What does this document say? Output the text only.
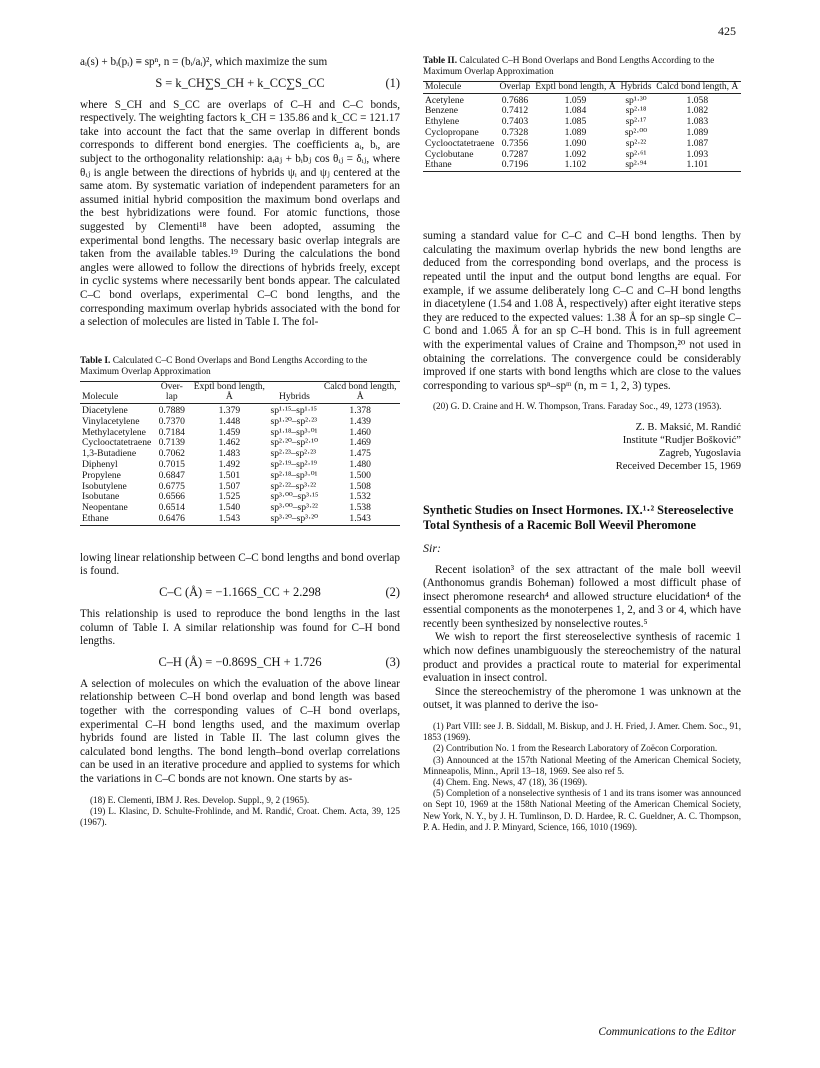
425

aᵢ(s) + bᵢ(pᵢ) ≡ spⁿ, n = (bᵢ/aᵢ)², which maximize the sum

S = k_CH∑S_CH + k_CC∑S_CC	(1)

where S_CH and S_CC are overlaps of C–H and C–C bonds, respectively. The weighting factors k_CH = 135.86 and k_CC = 121.17 take into account the fact that the same overlap in different bonds corresponds to different bond energies. The coefficients aᵢ, bᵢ, are subject to the orthogonality relationship: aᵢaⱼ + bᵢbⱼ cos θᵢⱼ = δᵢⱼ, where θᵢⱼ is angle between the directions of hybrids ψᵢ and ψⱼ centered at the same atom. By systematic variation of independent parameters for an assumed initial hybrid composition the maximum bond overlaps and the best hybridizations were found. For atomic functions, those suggested by Clementi¹⁸ have been adopted, assuming the experimental bond lengths. The necessary basic overlap integrals are taken from the available tables.¹⁹ During the calculations the bond angles were allowed to follow the directions of hybrids freely, except in cyclic systems where necessarily bent bonds appear. The calculated C–C bond overlaps, experimental C–C bond lengths, and the corresponding maximum overlap hybrids associated with the bond for a selection of molecules are listed in Table I. The fol-

Table I. Calculated C–C Bond Overlaps and Bond Lengths According to the Maximum Overlap Approximation

Molecule	Over-lap	Exptl bond length, Å	Hybrids	Calcd bond length, Å
Diacetylene	0.7889	1.379	sp¹·¹⁵–sp¹·¹⁵	1.378
Vinylacetylene	0.7370	1.448	sp¹·²⁰–sp²·²³	1.439
Methylacetylene	0.7184	1.459	sp¹·¹⁸–sp³·⁰¹	1.460
Cyclooctatetraene	0.7139	1.462	sp²·²⁰–sp²·¹⁰	1.469
1,3-Butadiene	0.7062	1.483	sp²·²³–sp²·²³	1.475
Diphenyl	0.7015	1.492	sp²·¹⁹–sp²·¹⁹	1.480
Propylene	0.6847	1.501	sp²·¹⁸–sp³·⁰¹	1.500
Isobutylene	0.6775	1.507	sp²·²²–sp³·²²	1.508
Isobutane	0.6566	1.525	sp³·⁰⁰–sp³·¹⁵	1.532
Neopentane	0.6514	1.540	sp³·⁰⁰–sp³·²²	1.538
Ethane	0.6476	1.543	sp³·²⁰–sp³·²⁰	1.543

lowing linear relationship between C–C bond lengths and bond overlap is found.

C–C (Å) = −1.166S_CC + 2.298	(2)

This relationship is used to reproduce the bond lengths in the last column of Table I. A similar relationship was found for C–H bond lengths.

C–H (Å) = −0.869S_CH + 1.726	(3)

A selection of molecules on which the evaluation of the above linear relationship between C–H bond overlap and bond length was based together with the corresponding values of C–H bond overlaps, experimental C–H bond lengths used, and the maximum overlap hybrids found are listed in Table II. The last column gives the calculated bond lengths. The bond length–bond overlap correlations can be used in an iterative procedure and applied to systems for which the variations in C–C bonds are not known. One starts by as-

(18) E. Clementi, IBM J. Res. Develop. Suppl., 9, 2 (1965).

(19) L. Klasinc, D. Schulte-Frohlinde, and M. Randić, Croat. Chem. Acta, 39, 125 (1967).

Table II. Calculated C–H Bond Overlaps and Bond Lengths According to the Maximum Overlap Approximation

Molecule	Overlap	Exptl bond length, Å	Hybrids	Calcd bond length, Å
Acetylene	0.7686	1.059	sp¹·³⁰	1.058
Benzene	0.7412	1.084	sp²·¹⁸	1.082
Ethylene	0.7403	1.085	sp²·¹⁷	1.083
Cyclopropane	0.7328	1.089	sp²·⁰⁰	1.089
Cyclooctatetraene	0.7356	1.090	sp²·²²	1.087
Cyclobutane	0.7287	1.092	sp²·⁶¹	1.093
Ethane	0.7196	1.102	sp²·⁹⁴	1.101

suming a standard value for C–C and C–H bond lengths. Then by calculating the maximum overlap hybrids the new bond lengths are deduced from the corresponding bond overlaps, and the process is repeated until the input and the output bond lengths are equal. For example, if we assume deliberately long C–C and C–H bond lengths in diacetylene (1.54 and 1.08 Å, respectively) after eight iterative steps they are reduced to the expected values: 1.38 Å for an sp–sp single C–C bond and 1.065 Å for an sp C–H bond. This is in full agreement with the experimental values of Craine and Thompson,²⁰ not used in obtaining the correlations. The convergence could be considerably improved if one starts with bond lengths which are close to the values corresponding to various spⁿ–spᵐ (n, m = 1, 2, 3) types.

(20) G. D. Craine and H. W. Thompson, Trans. Faraday Soc., 49, 1273 (1953).

Z. B. Maksić, M. Randić

Institute “Rudjer Bošković”

Zagreb, Yugoslavia

Received December 15, 1969

Synthetic Studies on Insect Hormones. IX.¹·² Stereoselective Total Synthesis of a Racemic Boll Weevil Pheromone

Sir:

Recent isolation³ of the sex attractant of the male boll weevil (Anthonomus grandis Boheman) followed a most difficult phase of insect pheromone research⁴ and allowed structure elucidation⁴ of the essential components as the monoterpenes 1, 2, and 3 or 4, which have recently been synthesized by nonselective routes.⁵

We wish to report the first stereoselective synthesis of racemic 1 which now defines unambiguously the stereochemistry of the natural product and provides a practical route to material for experimental evaluation in insect control.

Since the stereochemistry of the pheromone 1 was unknown at the outset, it was planned to derive the iso-

(1) Part VIII: see J. B. Siddall, M. Biskup, and J. H. Fried, J. Amer. Chem. Soc., 91, 1853 (1969).

(2) Contribution No. 1 from the Research Laboratory of Zoëcon Corporation.

(3) Announced at the 157th National Meeting of the American Chemical Society, Minneapolis, Minn., April 13–18, 1969. See also ref 5.

(4) Chem. Eng. News, 47 (18), 36 (1969).

(5) Completion of a nonselective synthesis of 1 and its trans isomer was announced on Sept 10, 1969 at the 158th National Meeting of the American Chemical Society, New York, N. Y., by J. H. Tumlinson, D. D. Hardee, R. C. Gueldner, A. C. Thompson, P. A. Hedin, and J. P. Minyard, Science, 166, 1010 (1969).

Communications to the Editor
